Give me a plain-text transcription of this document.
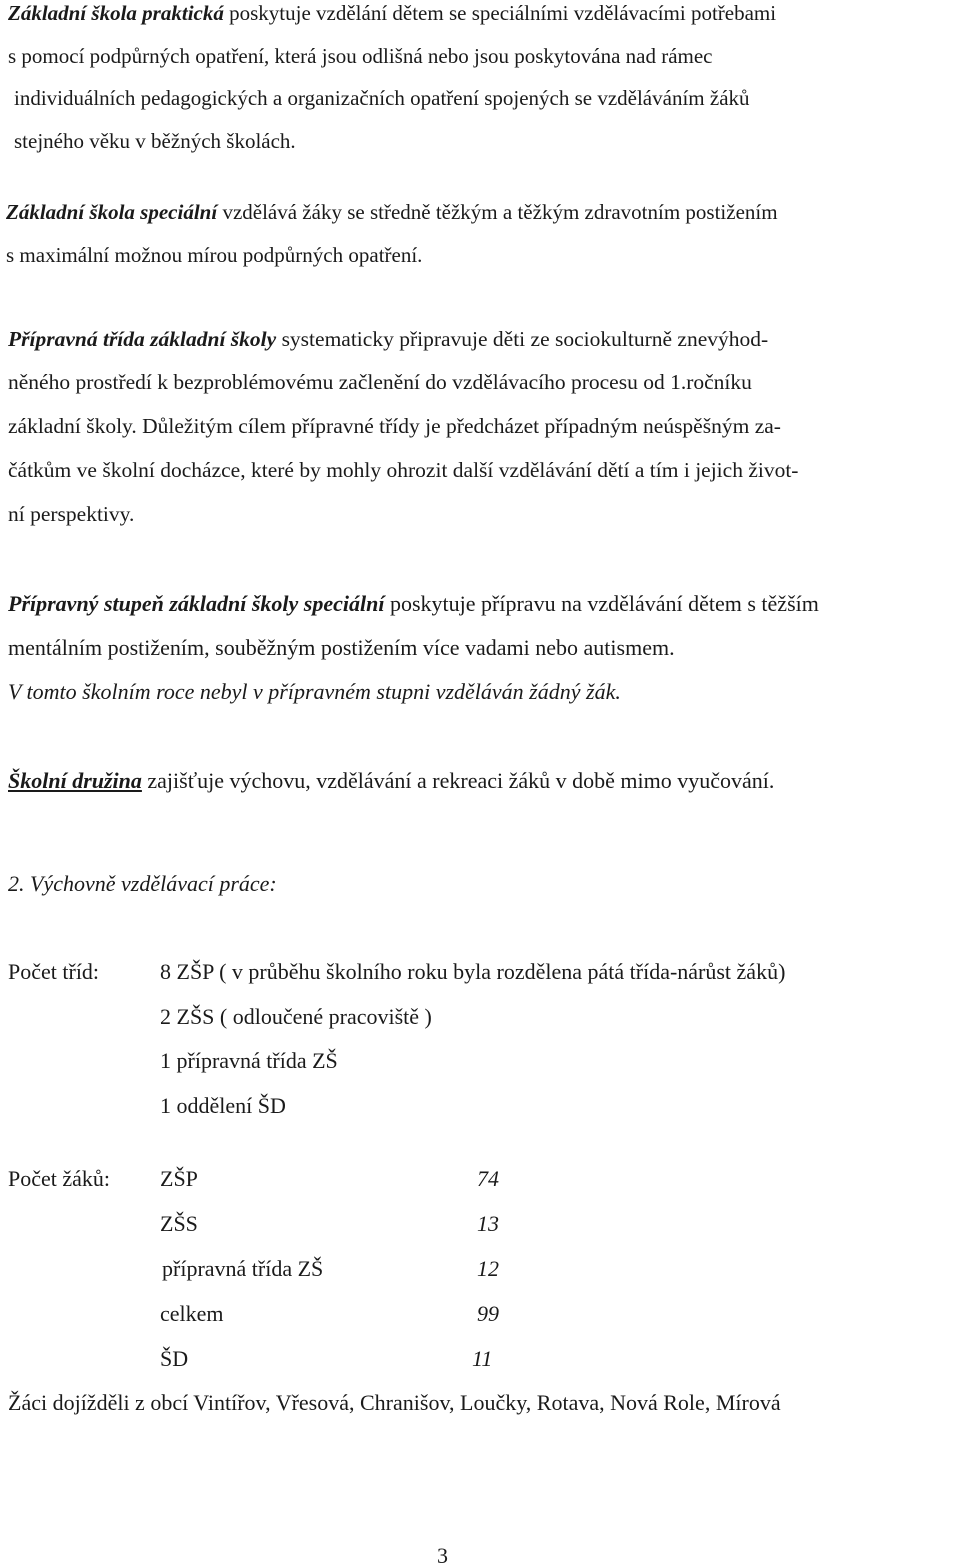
Základní škola praktická poskytuje vzdělání dětem se speciálními vzdělávacími potřebami
s pomocí podpůrných opatření, která jsou odlišná nebo jsou poskytována nad rámec
individuálních pedagogických a organizačních opatření spojených se vzděláváním žáků
stejného věku v běžných školách.
Základní škola speciální vzdělává žáky se středně těžkým a těžkým zdravotním postižením
s maximální možnou mírou podpůrných opatření.
Přípravná třída základní školy systematicky připravuje děti ze sociokulturně znevýhod-
něného prostředí k bezproblémovému začlenění do vzdělávacího procesu od 1.ročníku
základní školy. Důležitým cílem přípravné třídy je předcházet případným neúspěšným za-
čátkům ve školní docházce, které by mohly ohrozit další vzdělávání dětí a tím i jejich život-
ní perspektivy.
Přípravný stupeň základní školy speciální poskytuje přípravu na vzdělávání dětem s těžším
mentálním postižením, souběžným postižením více vadami nebo autismem.
V tomto školním roce nebyl v přípravném stupni vzděláván žádný žák.
Školní družina zajišťuje výchovu, vzdělávání a rekreaci žáků v době mimo vyučování.
2. Výchovně vzdělávací práce:
Počet tříd:	8 ZŠP ( v průběhu školního roku byla rozdělena pátá třída-nárůst žáků)
2 ZŠS ( odloučené pracoviště )
1 přípravná třída ZŠ
1 oddělení ŠD
Počet žáků: ZŠP	74
ZŠS	13
přípravná třída ZŠ	12
celkem	99
ŠD	11
Žáci dojížděli z obcí Vintířov, Vřesová, Chranišov, Loučky, Rotava, Nová Role, Mírová
3
